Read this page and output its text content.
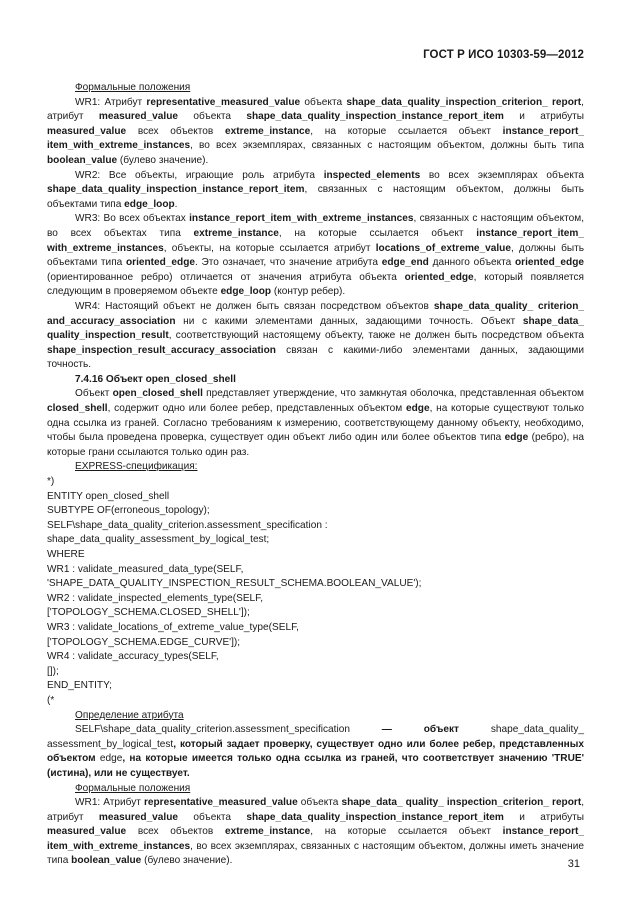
ГОСТ Р ИСО 10303-59—2012

Формальные положения

WR1: Атрибут representative_measured_value объекта shape_data_quality_inspection_criterion_ report, атрибут measured_value объекта shape_data_quality_inspection_instance_report_item и атрибуты measured_value всех объектов extreme_instance, на которые ссылается объект instance_report_ item_with_extreme_instances, во всех экземплярах, связанных с настоящим объектом, должны быть типа boolean_value (булево значение).

WR2: Все объекты, играющие роль атрибута inspected_elements во всех экземплярах объекта shape_data_quality_inspection_instance_report_item, связанных с настоящим объектом, должны быть объектами типа edge_loop.

WR3: Во всех объектах instance_report_item_with_extreme_instances, связанных с настоящим объектом, во всех объектах типа extreme_instance, на которые ссылается объект instance_report_item_ with_extreme_instances, объекты, на которые ссылается атрибут locations_of_extreme_value, должны быть объектами типа oriented_edge. Это означает, что значение атрибута edge_end данного объекта oriented_edge (ориентированное ребро) отличается от значения атрибута объекта oriented_edge, который появляется следующим в проверяемом объекте edge_loop (контур ребер).

WR4: Настоящий объект не должен быть связан посредством объектов shape_data_quality_ criterion_ and_accuracy_association ни с какими элементами данных, задающими точность. Объект shape_data_ quality_inspection_result, соответствующий настоящему объекту, также не должен быть посредством объекта shape_inspection_result_accuracy_association связан с какими-либо элементами данных, задающими точность.

7.4.16 Объект open_closed_shell

Объект open_closed_shell представляет утверждение, что замкнутая оболочка, представленная объектом closed_shell, содержит одно или более ребер, представленных объектом edge, на которые существуют только одна ссылка из граней. Согласно требованиям к измерению, соответствующему данному объекту, необходимо, чтобы была проведена проверка, существует один объект либо один или более объектов типа edge (ребро), на которые грани ссылаются только один раз.

EXPRESS-спецификация:

*)

ENTITY open_closed_shell

SUBTYPE OF(erroneous_topology);

SELF\shape_data_quality_criterion.assessment_specification :

shape_data_quality_assessment_by_logical_test;

WHERE

WR1 : validate_measured_data_type(SELF,

'SHAPE_DATA_QUALITY_INSPECTION_RESULT_SCHEMA.BOOLEAN_VALUE');

WR2 : validate_inspected_elements_type(SELF,

['TOPOLOGY_SCHEMA.CLOSED_SHELL']);

WR3 : validate_locations_of_extreme_value_type(SELF,

['TOPOLOGY_SCHEMA.EDGE_CURVE']);

WR4 : validate_accuracy_types(SELF,

[]);

END_ENTITY;

(*

Определение атрибута

SELF\shape_data_quality_criterion.assessment_specification — объект shape_data_quality_ assessment_by_logical_test, который задает проверку, существует одно или более ребер, представленных объектом edge, на которые имеется только одна ссылка из граней, что соответствует значению 'TRUE' (истина), или не существует.

Формальные положения

WR1: Атрибут representative_measured_value объекта shape_data_ quality_ inspection_criterion_ report, атрибут measured_value объекта shape_data_quality_inspection_instance_report_item и атрибуты measured_value всех объектов extreme_instance, на которые ссылается объект instance_report_ item_with_extreme_instances, во всех экземплярах, связанных с настоящим объектом, должны иметь значение типа boolean_value (булево значение).	31
